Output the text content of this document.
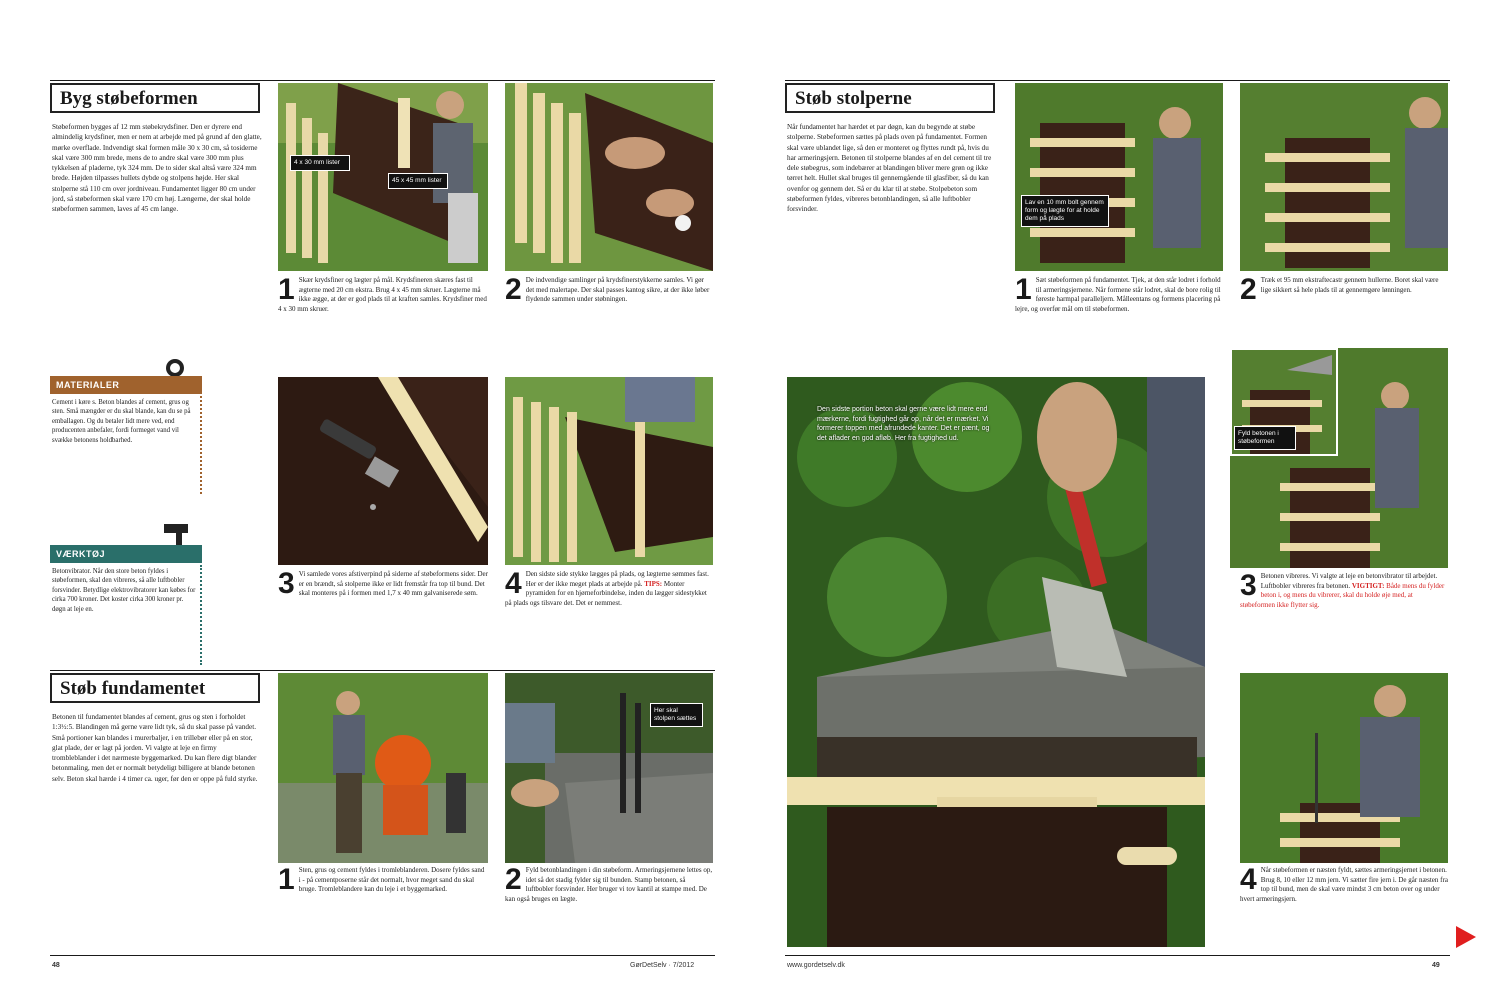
Byg støbeformen
Støbeformen bygges af 12 mm støbekrydsfiner. Den er dyrere end almindelig krydsfiner, men er nem at arbejde med på grund af den glatte, mørke overflade. Indvendigt skal formen måle 30 x 30 cm, så tosiderne skal være 300 mm brede, mens de to andre skal være 300 mm plus tykkelsen af pladerne, tyk 324 mm. De to sider skal altså være 324 mm brede. Højden tilpasses hullets dybde og stolpens højde. Her skal stolperne stå 110 cm over jordniveau. Fundamentet ligger 80 cm under jord, så støbeformen skal være 170 cm høj. Længerne, der skal holde støbeformen sammen, laves af 45 cm lange.
4 x 30 mm lister
45 x 45 mm lister
1 Skær krydsfiner og lægter på mål. Krydsfineren skæres fast til ægterne med 20 cm ekstra. Brug 4 x 45 mm skruer. Lægterne må ikke ægge, at der er god plads til at kraften samles. Krydsfiner med 4 x 30 mm skruer.
2 De indvendige samlinger på krydsfinerstykkerne samles. Vi gør det med malertape. Der skal passes kantog sikre, at der ikke løber flydende sammen under støbningen.
MATERIALER
Cement i køre s. Beton blandes af cement, grus og sten. Små mængder er du skal blande, kan du se på emballagen. Og du betaler lidt mere ved, end producenten anbefaler, fordi formeget vand vil svække betonens holdbarhed.
VÆRKTØJ
Betonvibrator. Når den store beton fyldes i støbeformen, skal den vibreres, så alle luftbobler forsvinder. Betydlige elektrovibratorer kan købes for cirka 700 kroner. Det koster cirka 300 kroner pr. døgn at leje en.
3 Vi samlede vores afstiverpind på siderne af støbeformens sider. Der er en brændt, så stolperne ikke er lidt fremstår fra top til bund. Det skal monteres på i formen med 1,7 x 40 mm galvaniserede søm. 4 Den sidste side stykke lægges på plads, og lægterne sømmes fast. Her er der ikke meget plads at arbejde på. TIPS: Monter pyramiden for en hjørneforbindelse, inden du lægger sidestykket på plads ogs tilsvare det. Det er nemmest.
Støb fundamentet
Betonen til fundamentet blandes af cement, grus og sten i forholdet 1:3½:5. Blandingen må gerne være lidt tyk, så du skal passe på vandet. Små portioner kan blandes i murerbaljer, i en trillebør eller på en stor, glat plade, der er lagt på jorden. Vi valgte at leje en firmy trombleblander i det nærmeste byggemarked. Du kan flere digt blander betonmaling, men det er normalt betydeligt billigere at blande betonen selv. Beton skal hærde i 4 timer ca. uger, før den er oppe på fuld styrke.
Her skal stolpen sættes
1 Sten, grus og cement fyldes i tromleblanderen. Dosere fyldes sand i - på cementposerne står det normalt, hvor meget sand du skal bruge. Tromleblandere kan du leje i et byggemarked.	2 Fyld betonblandingen i din støbeform. Armeringsjernene lettes op, idet så det stadig fylder sig til bunden. Stamp betonen, så luftbobler forsvinder. Her bruger vi tov kantil at stampe med. De kan også bruges en lægte.
48	GørDetSelv · 7/2012
Støb stolperne
Når fundamentet har hærdet et par døgn, kan du begynde at støbe stolperne. Støbeformen sættes på plads oven på fundamentet. Formen skal være ublandet lige, så den er monteret og flyttes rundt på, hvis du har armeringsjern. Betonen til stolperne blandes af en del cement til tre dele støbegrus, som indebærer at blandingen bliver mere grøn og ikke tørret helt. Hullet skal bruges til gennemgående til glasfiber, så du kan ovenfor og gennem det. Så er du klar til at støbe. Stolpebeton som støbeformen fyldes, vibreres betonblandingen, så alle luftbobler forsvinder.
Lav en 10 mm bolt gennem form og lægte for at holde dem på plads
1 Sæt støbeformen på fundamentet. Tjek, at den står lodret i forhold til armeringsjernene. Når formene står lodret, skal de bore rolig til føreste harmpal paralleljern. Målleentans og formens placering på lejre, og overfør mål om til støbeformen.
2 Træk et 95 mm ekstraftecastr gennem hullerne. Boret skal være lige sikkert så hele plads til at gennemgøre lønningen.
Den sidste portion beton skal gerne være lidt mere end mærkerne, fordi fugtighed går op, når det er mærket. Vi formerer toppen med afrundede kanter. Det er pænt, og det aflader en god afløb. Her fra fugtighed ud.
Fyld betonen i støbeformen
3 Betonen vibreres. Vi valgte at leje en betonvibrator til arbejdet. Luftbobler vibreres fra betonen. VIGTIGT: Både mens du fylder beton i, og mens du vibrerer, skal du holde øje med, at støbeformen ikke flytter sig.
4 Når støbeformen er næsten fyldt, sættes armeringsjernet i betonen. Brug 8, 10 eller 12 mm jern. Vi sætter fire jern i. De går næsten fra top til bund, men de skal være mindst 3 cm beton over og under hvert armeringsjern.
www.gordetselv.dk	49
